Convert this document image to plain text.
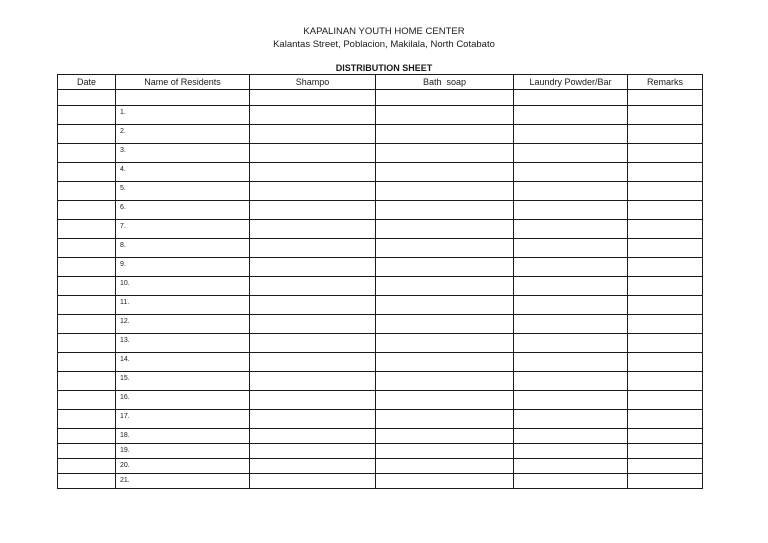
KAPALINAN YOUTH HOME CENTER
Kalantas Street, Poblacion, Makilala, North Cotabato
DISTRIBUTION SHEET
Date	Name of Residents	Shampo	Bath  soap	Laundry Powder/Bar	Remarks

	1.				

	2.				

	3.				

	4.				

	5.				

	6.				

	7.				

	8.				

	9.				

	10.				

	11.				

	12.				

	13.				

	14.				

	15.				

	16.				

	17.				

	18.				

	19.				

	20.				

	21.				
